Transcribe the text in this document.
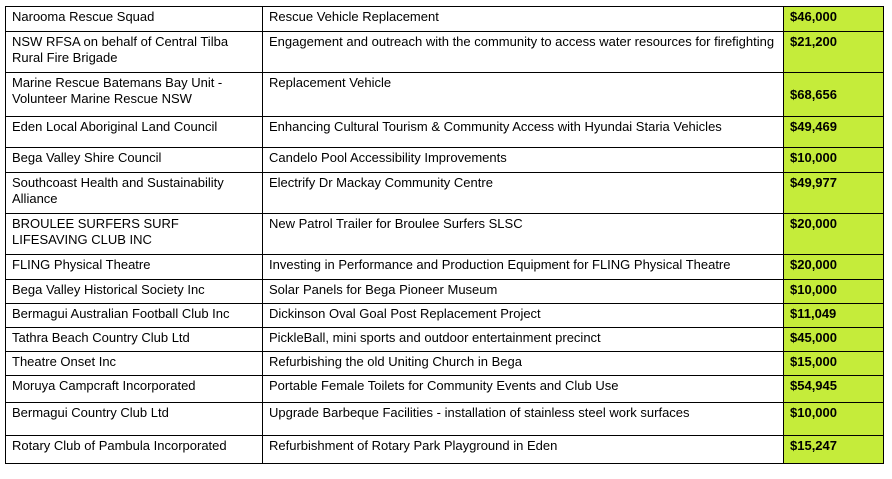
Narooma Rescue Squad	Rescue Vehicle Replacement	$46,000
NSW RFSA on behalf of Central Tilba Rural Fire Brigade	Engagement and outreach with the community to access water resources for firefighting	$21,200
Marine Rescue Batemans Bay Unit - Volunteer Marine Rescue NSW	Replacement Vehicle	$68,656
Eden Local Aboriginal Land Council	Enhancing Cultural Tourism & Community Access with Hyundai Staria Vehicles	$49,469
Bega Valley Shire Council	Candelo Pool Accessibility Improvements	$10,000
Southcoast Health and Sustainability Alliance	Electrify Dr Mackay Community Centre	$49,977
BROULEE SURFERS SURF LIFESAVING CLUB INC	New Patrol Trailer for Broulee Surfers SLSC	$20,000
FLING Physical Theatre	Investing in Performance and Production Equipment for FLING Physical Theatre	$20,000
Bega Valley Historical Society Inc	Solar Panels for Bega Pioneer Museum	$10,000
Bermagui Australian Football Club Inc	Dickinson Oval Goal Post Replacement Project	$11,049
Tathra Beach Country Club Ltd	PickleBall, mini sports and outdoor entertainment precinct	$45,000
Theatre Onset Inc	Refurbishing the old Uniting Church in Bega	$15,000
Moruya Campcraft Incorporated	Portable Female Toilets for Community Events and Club Use	$54,945
Bermagui Country Club Ltd	Upgrade Barbeque Facilities - installation of stainless steel work surfaces	$10,000
Rotary Club of Pambula Incorporated	Refurbishment of Rotary Park Playground in Eden	$15,247
